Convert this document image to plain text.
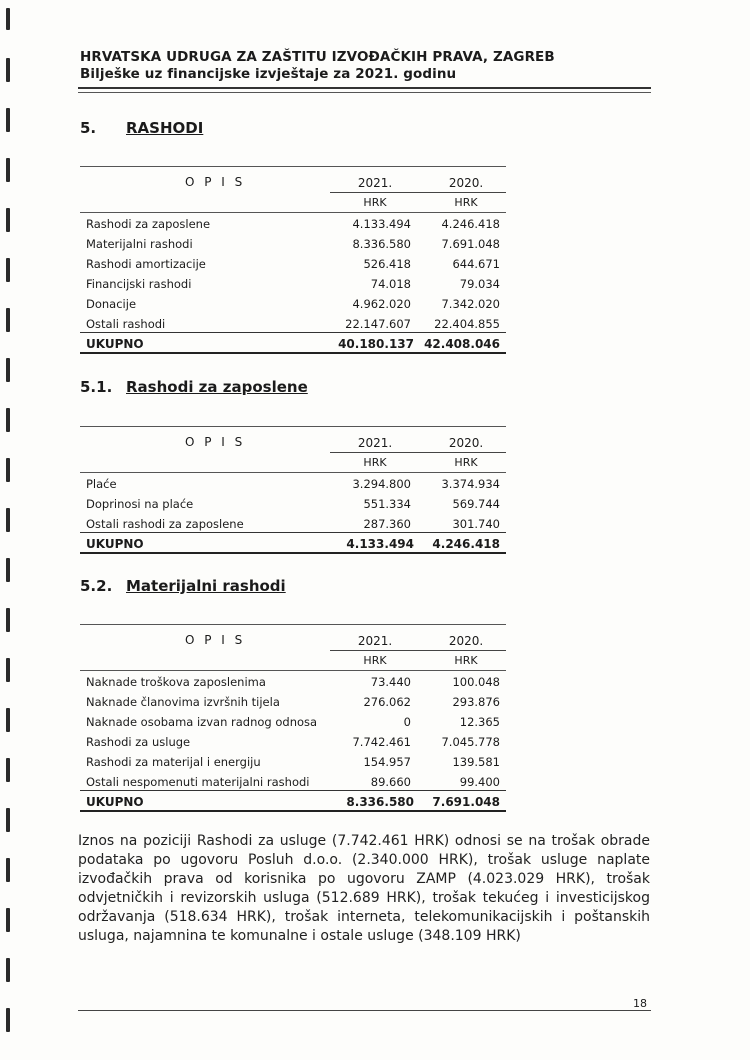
HRVATSKA UDRUGA ZA ZAŠTITU IZVOĐAČKIH PRAVA, ZAGREB
Bilješke uz financijske izvještaje za 2021. godinu
5. RASHODI
O P I S	2021.	2020.
HRK	HRK
Rashodi za zaposlene	4.133.494	4.246.418
Materijalni rashodi	8.336.580	7.691.048
Rashodi amortizacije	526.418	644.671
Financijski rashodi	74.018	79.034
Donacije	4.962.020	7.342.020
Ostali rashodi	22.147.607 22.404.855
UKUPNO	40.180.137 42.408.046
5.1. Rashodi za zaposlene
O P I S	2021.	2020.
HRK	HRK
Plaće	3.294.800	3.374.934
Doprinosi na plaće	551.334	569.744
Ostali rashodi za zaposlene	287.360	301.740
UKUPNO	4.133.494 4.246.418
5.2. Materijalni rashodi
O P I S	2021.	2020.
HRK	HRK
Naknade troškova zaposlenima	73.440	100.048
Naknade članovima izvršnih tijela	276.062	293.876
Naknade osobama izvan radnog odnosa	0	12.365
Rashodi za usluge	7.742.461	7.045.778
Rashodi za materijal i energiju	154.957	139.581
Ostali nespomenuti materijalni rashodi	89.660	99.400
UKUPNO	8.336.580 7.691.048
Iznos na poziciji Rashodi za usluge (7.742.461 HRK) odnosi se na trošak obrade podataka po ugovoru Posluh d.o.o. (2.340.000 HRK), trošak usluge naplate izvođačkih prava od korisnika po ugovoru ZAMP (4.023.029 HRK), trošak odvjetničkih i revizorskih usluga (512.689 HRK), trošak tekućeg i investicijskog održavanja (518.634 HRK), trošak interneta, telekomunikacijskih i poštanskih usluga, najamnina te komunalne i ostale usluge (348.109 HRK)
18
